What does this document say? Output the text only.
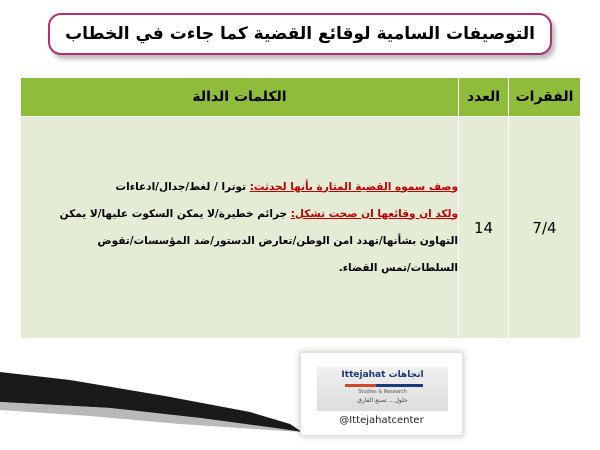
التوصيفات السامية لوقائع القضية كما جاءت في الخطاب
الكلمات الدالة	العدد	الفقرات

وصف سموه القضية المثارة بأنها لحدثت: توترا / لغط/جدال/ادعاءات
ولكد ان وقائعها ان صحت تشكل: جرائم خطيرة/لا يمكن السكوت عليها/لا يمكن
التهاون بشأنها/تهدد امن الوطن/تعارض الدستور/ضد المؤسسات/تقوض
السلطات/تمس القضاء.	14	7/4
Ittejahat اتجاهات
Studies & Research
حلول... تصنع الفارق
@Ittejahatcenter
